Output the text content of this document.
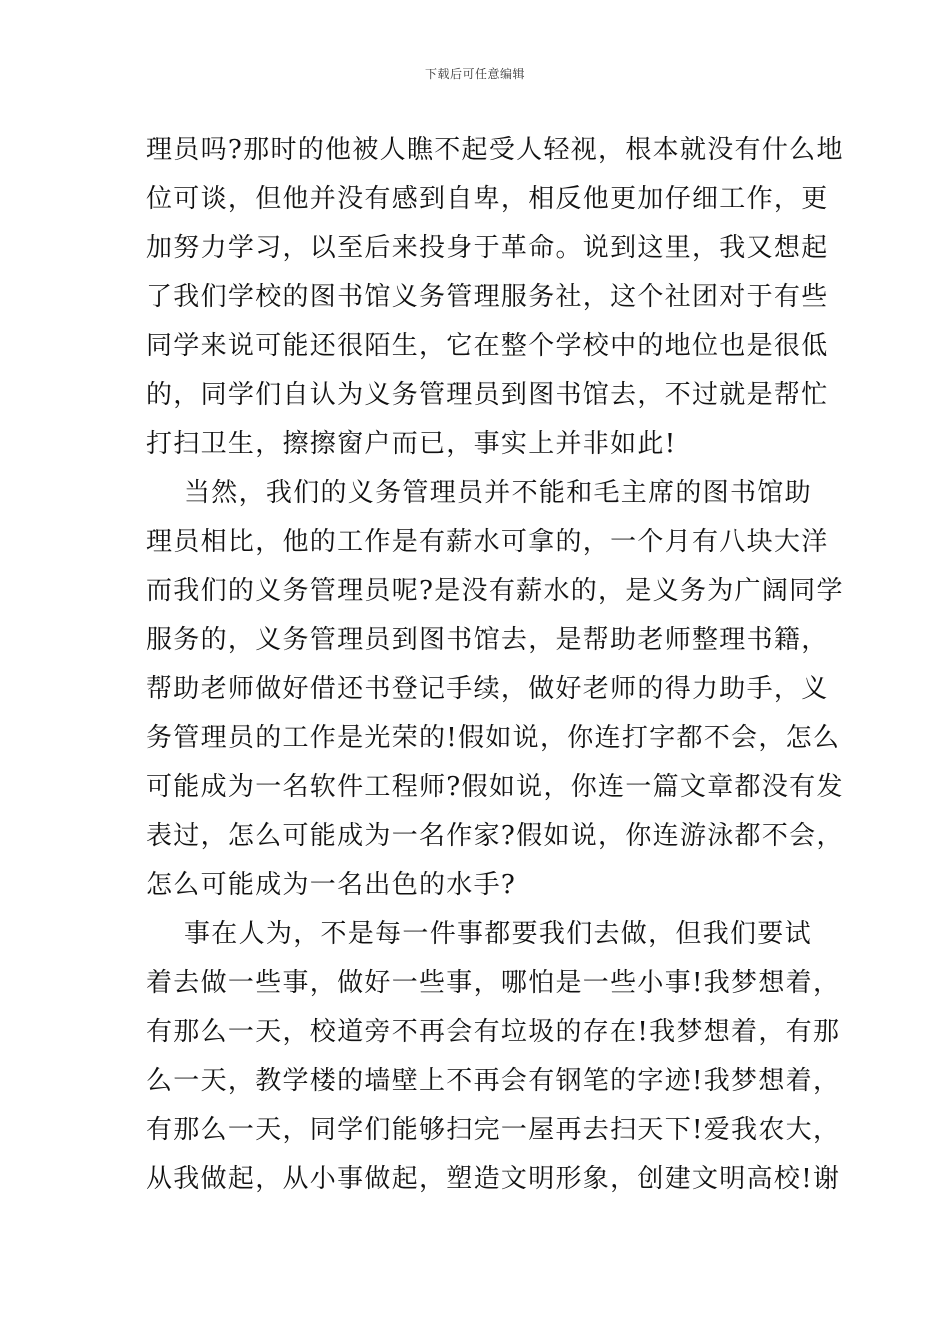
下载后可任意编辑
理员吗?那时的他被人瞧不起受人轻视，根本就没有什么地
位可谈，但他并没有感到自卑，相反他更加仔细工作，更
加努力学习，以至后来投身于革命。说到这里，我又想起
了我们学校的图书馆义务管理服务社，这个社团对于有些
同学来说可能还很陌生，它在整个学校中的地位也是很低
的，同学们自认为义务管理员到图书馆去，不过就是帮忙
打扫卫生，擦擦窗户而已，事实上并非如此!
当然，我们的义务管理员并不能和毛主席的图书馆助
理员相比，他的工作是有薪水可拿的，一个月有八块大洋
而我们的义务管理员呢?是没有薪水的，是义务为广阔同学
服务的，义务管理员到图书馆去，是帮助老师整理书籍，
帮助老师做好借还书登记手续，做好老师的得力助手，义
务管理员的工作是光荣的!假如说，你连打字都不会，怎么
可能成为一名软件工程师?假如说，你连一篇文章都没有发
表过，怎么可能成为一名作家?假如说，你连游泳都不会，
怎么可能成为一名出色的水手?
事在人为，不是每一件事都要我们去做，但我们要试
着去做一些事，做好一些事，哪怕是一些小事!我梦想着，
有那么一天，校道旁不再会有垃圾的存在!我梦想着，有那
么一天，教学楼的墙壁上不再会有钢笔的字迹!我梦想着，
有那么一天，同学们能够扫完一屋再去扫天下!爱我农大，
从我做起，从小事做起，塑造文明形象，创建文明高校!谢
